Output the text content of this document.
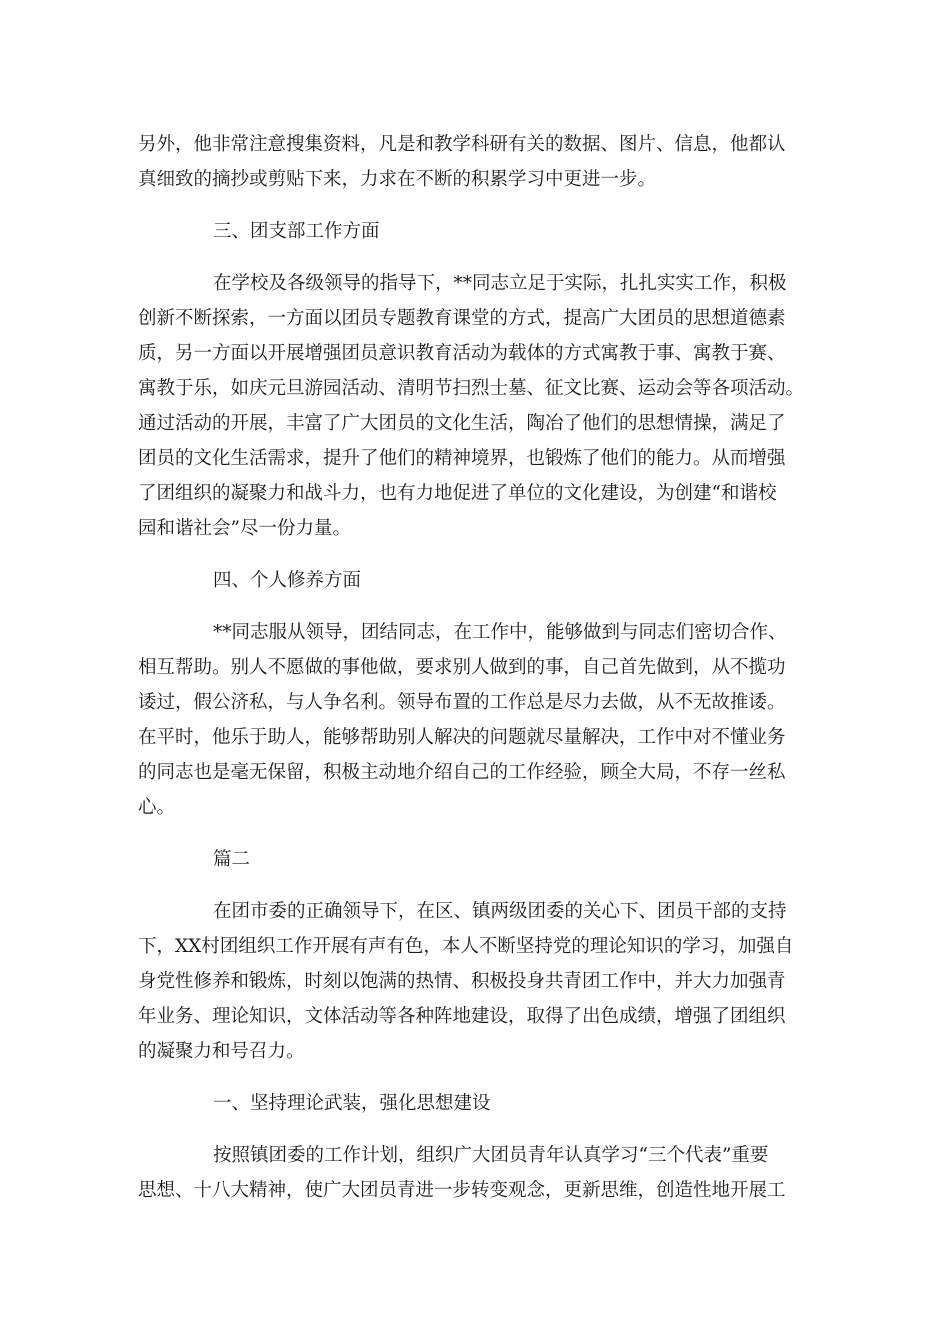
另外，他非常注意搜集资料，凡是和教学科研有关的数据、图片、信息，他都认
真细致的摘抄或剪贴下来，力求在不断的积累学习中更进一步。
三、团支部工作方面
在学校及各级领导的指导下，**同志立足于实际，扎扎实实工作，积极
创新不断探索，一方面以团员专题教育课堂的方式，提高广大团员的思想道德素
质，另一方面以开展增强团员意识教育活动为载体的方式寓教于事、寓教于赛、
寓教于乐，如庆元旦游园活动、清明节扫烈士墓、征文比赛、运动会等各项活动。
通过活动的开展，丰富了广大团员的文化生活，陶冶了他们的思想情操，满足了
团员的文化生活需求，提升了他们的精神境界，也锻炼了他们的能力。从而增强
了团组织的凝聚力和战斗力，也有力地促进了单位的文化建设，为创建“和谐校
园和谐社会”尽一份力量。
四、个人修养方面
**同志服从领导，团结同志，在工作中，能够做到与同志们密切合作、
相互帮助。别人不愿做的事他做，要求别人做到的事，自己首先做到，从不揽功
诿过，假公济私，与人争名利。领导布置的工作总是尽力去做，从不无故推诿。
在平时，他乐于助人，能够帮助别人解决的问题就尽量解决，工作中对不懂业务
的同志也是毫无保留，积极主动地介绍自己的工作经验，顾全大局，不存一丝私
心。
篇二
在团市委的正确领导下，在区、镇两级团委的关心下、团员干部的支持
下，XX村团组织工作开展有声有色，本人不断坚持党的理论知识的学习，加强自
身党性修养和锻炼，时刻以饱满的热情、积极投身共青团工作中，并大力加强青
年业务、理论知识，文体活动等各种阵地建设，取得了出色成绩，增强了团组织
的凝聚力和号召力。
一、坚持理论武装，强化思想建设
按照镇团委的工作计划，组织广大团员青年认真学习“三个代表”重要
思想、十八大精神，使广大团员青进一步转变观念，更新思维，创造性地开展工
